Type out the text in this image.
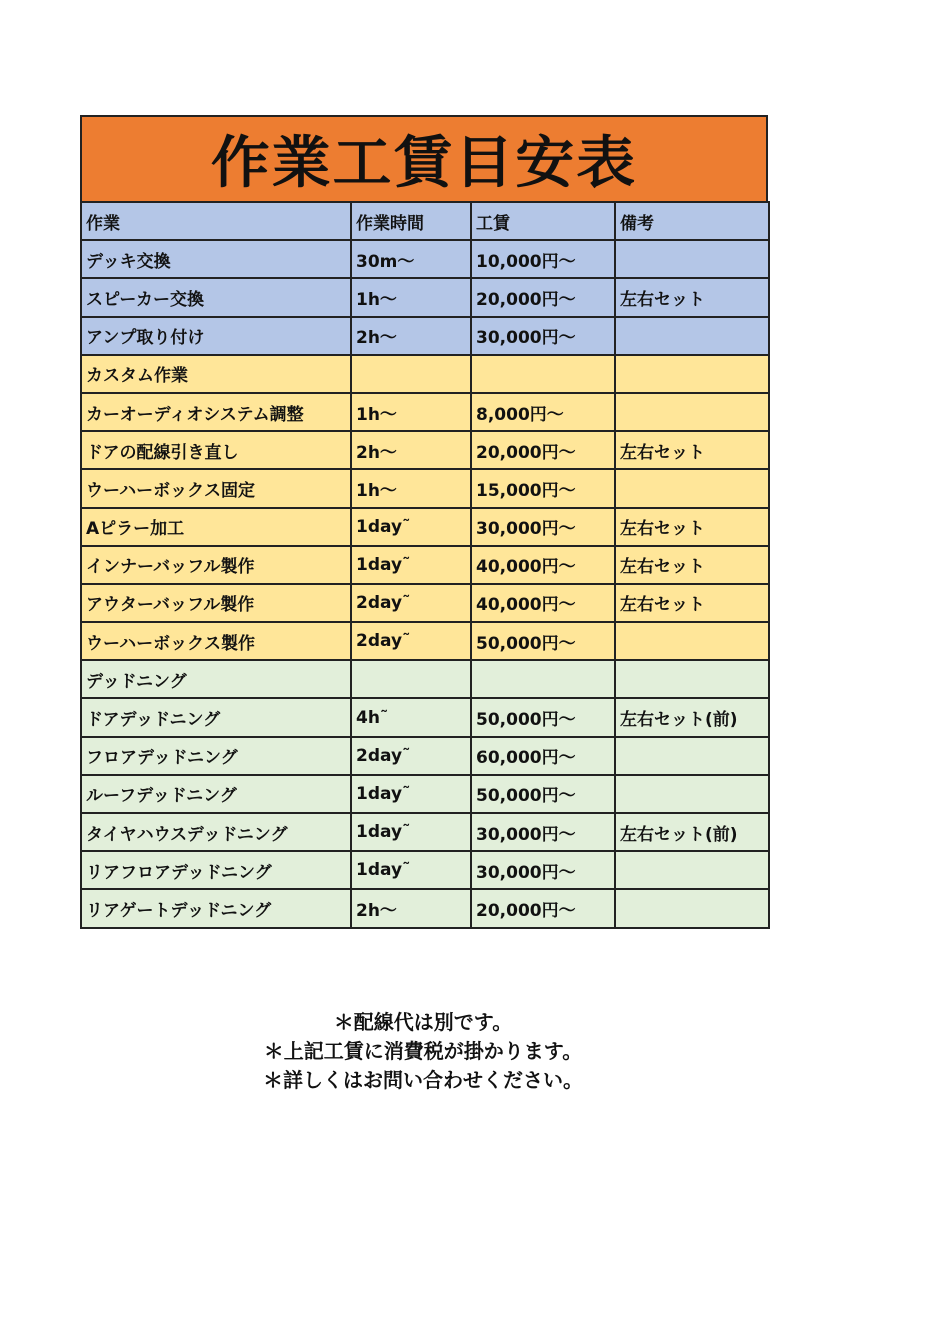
作業工賃目安表
作業	作業時間	工賃	備考
デッキ交換	30m～	10,000円～	
スピーカー交換	1h～	20,000円～	左右セット
アンプ取り付け	2h～	30,000円～	
カスタム作業			
カーオーディオシステム調整	1h～	8,000円～	
ドアの配線引き直し	2h～	20,000円～	左右セット
ウーハーボックス固定	1h～	15,000円～	
Aピラー加工	1day˜	30,000円～	左右セット
インナーバッフル製作	1day˜	40,000円～	左右セット
アウターバッフル製作	2day˜	40,000円～	左右セット
ウーハーボックス製作	2day˜	50,000円～	
デッドニング			
ドアデッドニング	4h˜	50,000円～	左右セット(前)
フロアデッドニング	2day˜	60,000円～	
ルーフデッドニング	1day˜	50,000円～	
タイヤハウスデッドニング	1day˜	30,000円～	左右セット(前)
リアフロアデッドニング	1day˜	30,000円～	
リアゲートデッドニング	2h～	20,000円～	
＊配線代は別です。
＊上記工賃に消費税が掛かります。
＊詳しくはお問い合わせください。
